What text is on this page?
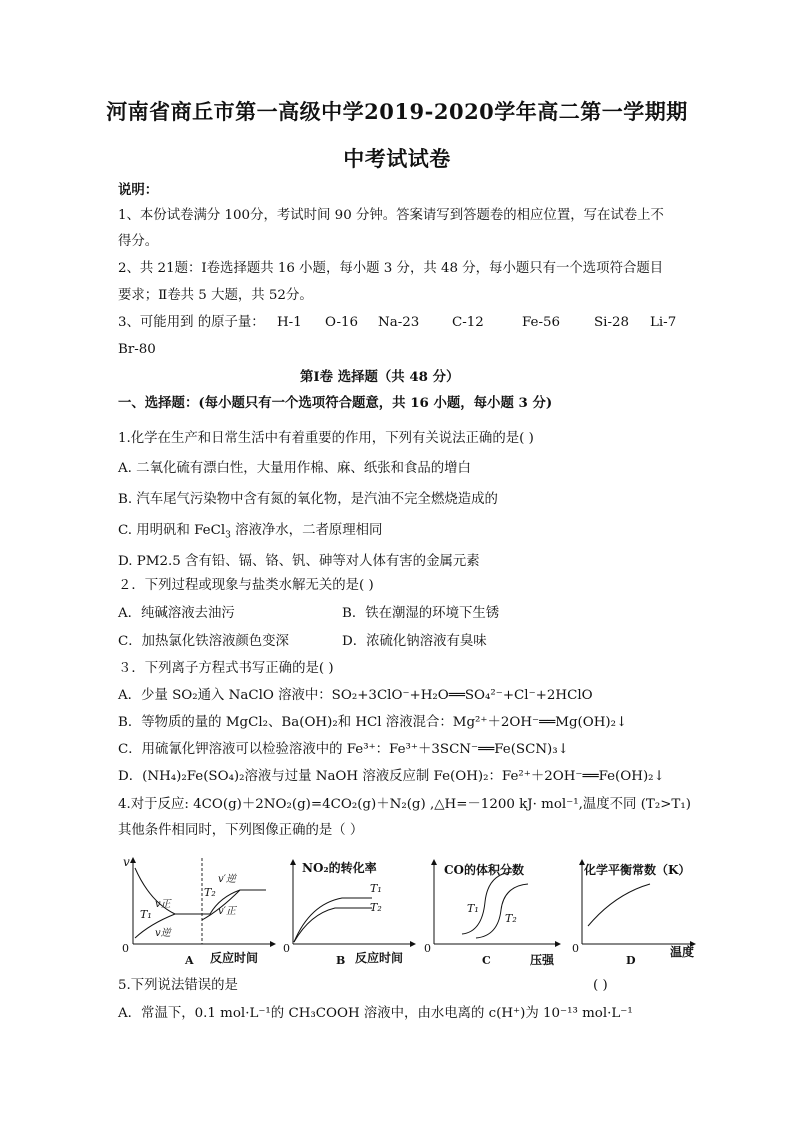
河南省商丘市第一高级中学2019-2020学年高二第一学期期
中考试试卷
说明：
1、本份试卷满分 100分，考试时间 90 分钟。答案请写到答题卷的相应位置，写在试卷上不
得分。
2、共 21题：Ⅰ卷选择题共 16 小题，每小题 3 分，共 48 分，每小题只有一个选项符合题目
要求；Ⅱ卷共 5 大题，共 52分。
3、可能用到 的原子量： H-1 O-16 Na-23 C-12	Fe-56	Si-28 Li-7
Br-80
第Ⅰ卷 选择题（共 48 分）
一、选择题：(每小题只有一个选项符合题意，共 16 小题，每小题 3 分)
1.化学在生产和日常生活中有着重要的作用，下列有关说法正确的是( )
A. 二氧化硫有漂白性，大量用作棉、麻、纸张和食品的增白
B. 汽车尾气污染物中含有氮的氧化物，是汽油不完全燃烧造成的
C. 用明矾和 FeCl$_3$ 溶液净水，二者原理相同
D. PM2.5 含有铅、镉、铬、钒、砷等对人体有害的金属元素
２．下列过程或现象与盐类水解无关的是( )
A．纯碱溶液去油污	B．铁在潮湿的环境下生锈
C．加热氯化铁溶液颜色变深	D．浓硫化钠溶液有臭味
３．下列离子方程式书写正确的是( )
A．少量 SO₂通入 NaClO 溶液中：SO₂+3ClO⁻+H₂O══SO₄²⁻+Cl⁻+2HClO
B．等物质的量的 MgCl₂、Ba(OH)₂和 HCl 溶液混合：Mg²⁺＋2OH⁻══Mg(OH)₂↓
C．用硫氰化钾溶液可以检验溶液中的 Fe³⁺：Fe³⁺＋3SCN⁻══Fe(SCN)₃↓
D．(NH₄)₂Fe(SO₄)₂溶液与过量 NaOH 溶液反应制 Fe(OH)₂：Fe²⁺＋2OH⁻══Fe(OH)₂↓
4.对于反应: 4CO(g)＋2NO₂(g)=4CO₂(g)＋N₂(g) ,△H=－1200 kJ· mol⁻¹,温度不同 (T₂>T₁)
其他条件相同时，下列图像正确的是（ ）
v
0
v正
v逆
T₁
T₂
v′逆
v′正
反应时间
A
NO₂的转化率
0
T₁
T₂
反应时间
B
CO的体积分数
0
T₁
T₂
压强
C
化学平衡常数（K）
0	温度
D
5.下列说法错误的是	( )
A．常温下，0.1 mol·L⁻¹的 CH₃COOH 溶液中，由水电离的 c(H⁺)为 10⁻¹³ mol·L⁻¹
